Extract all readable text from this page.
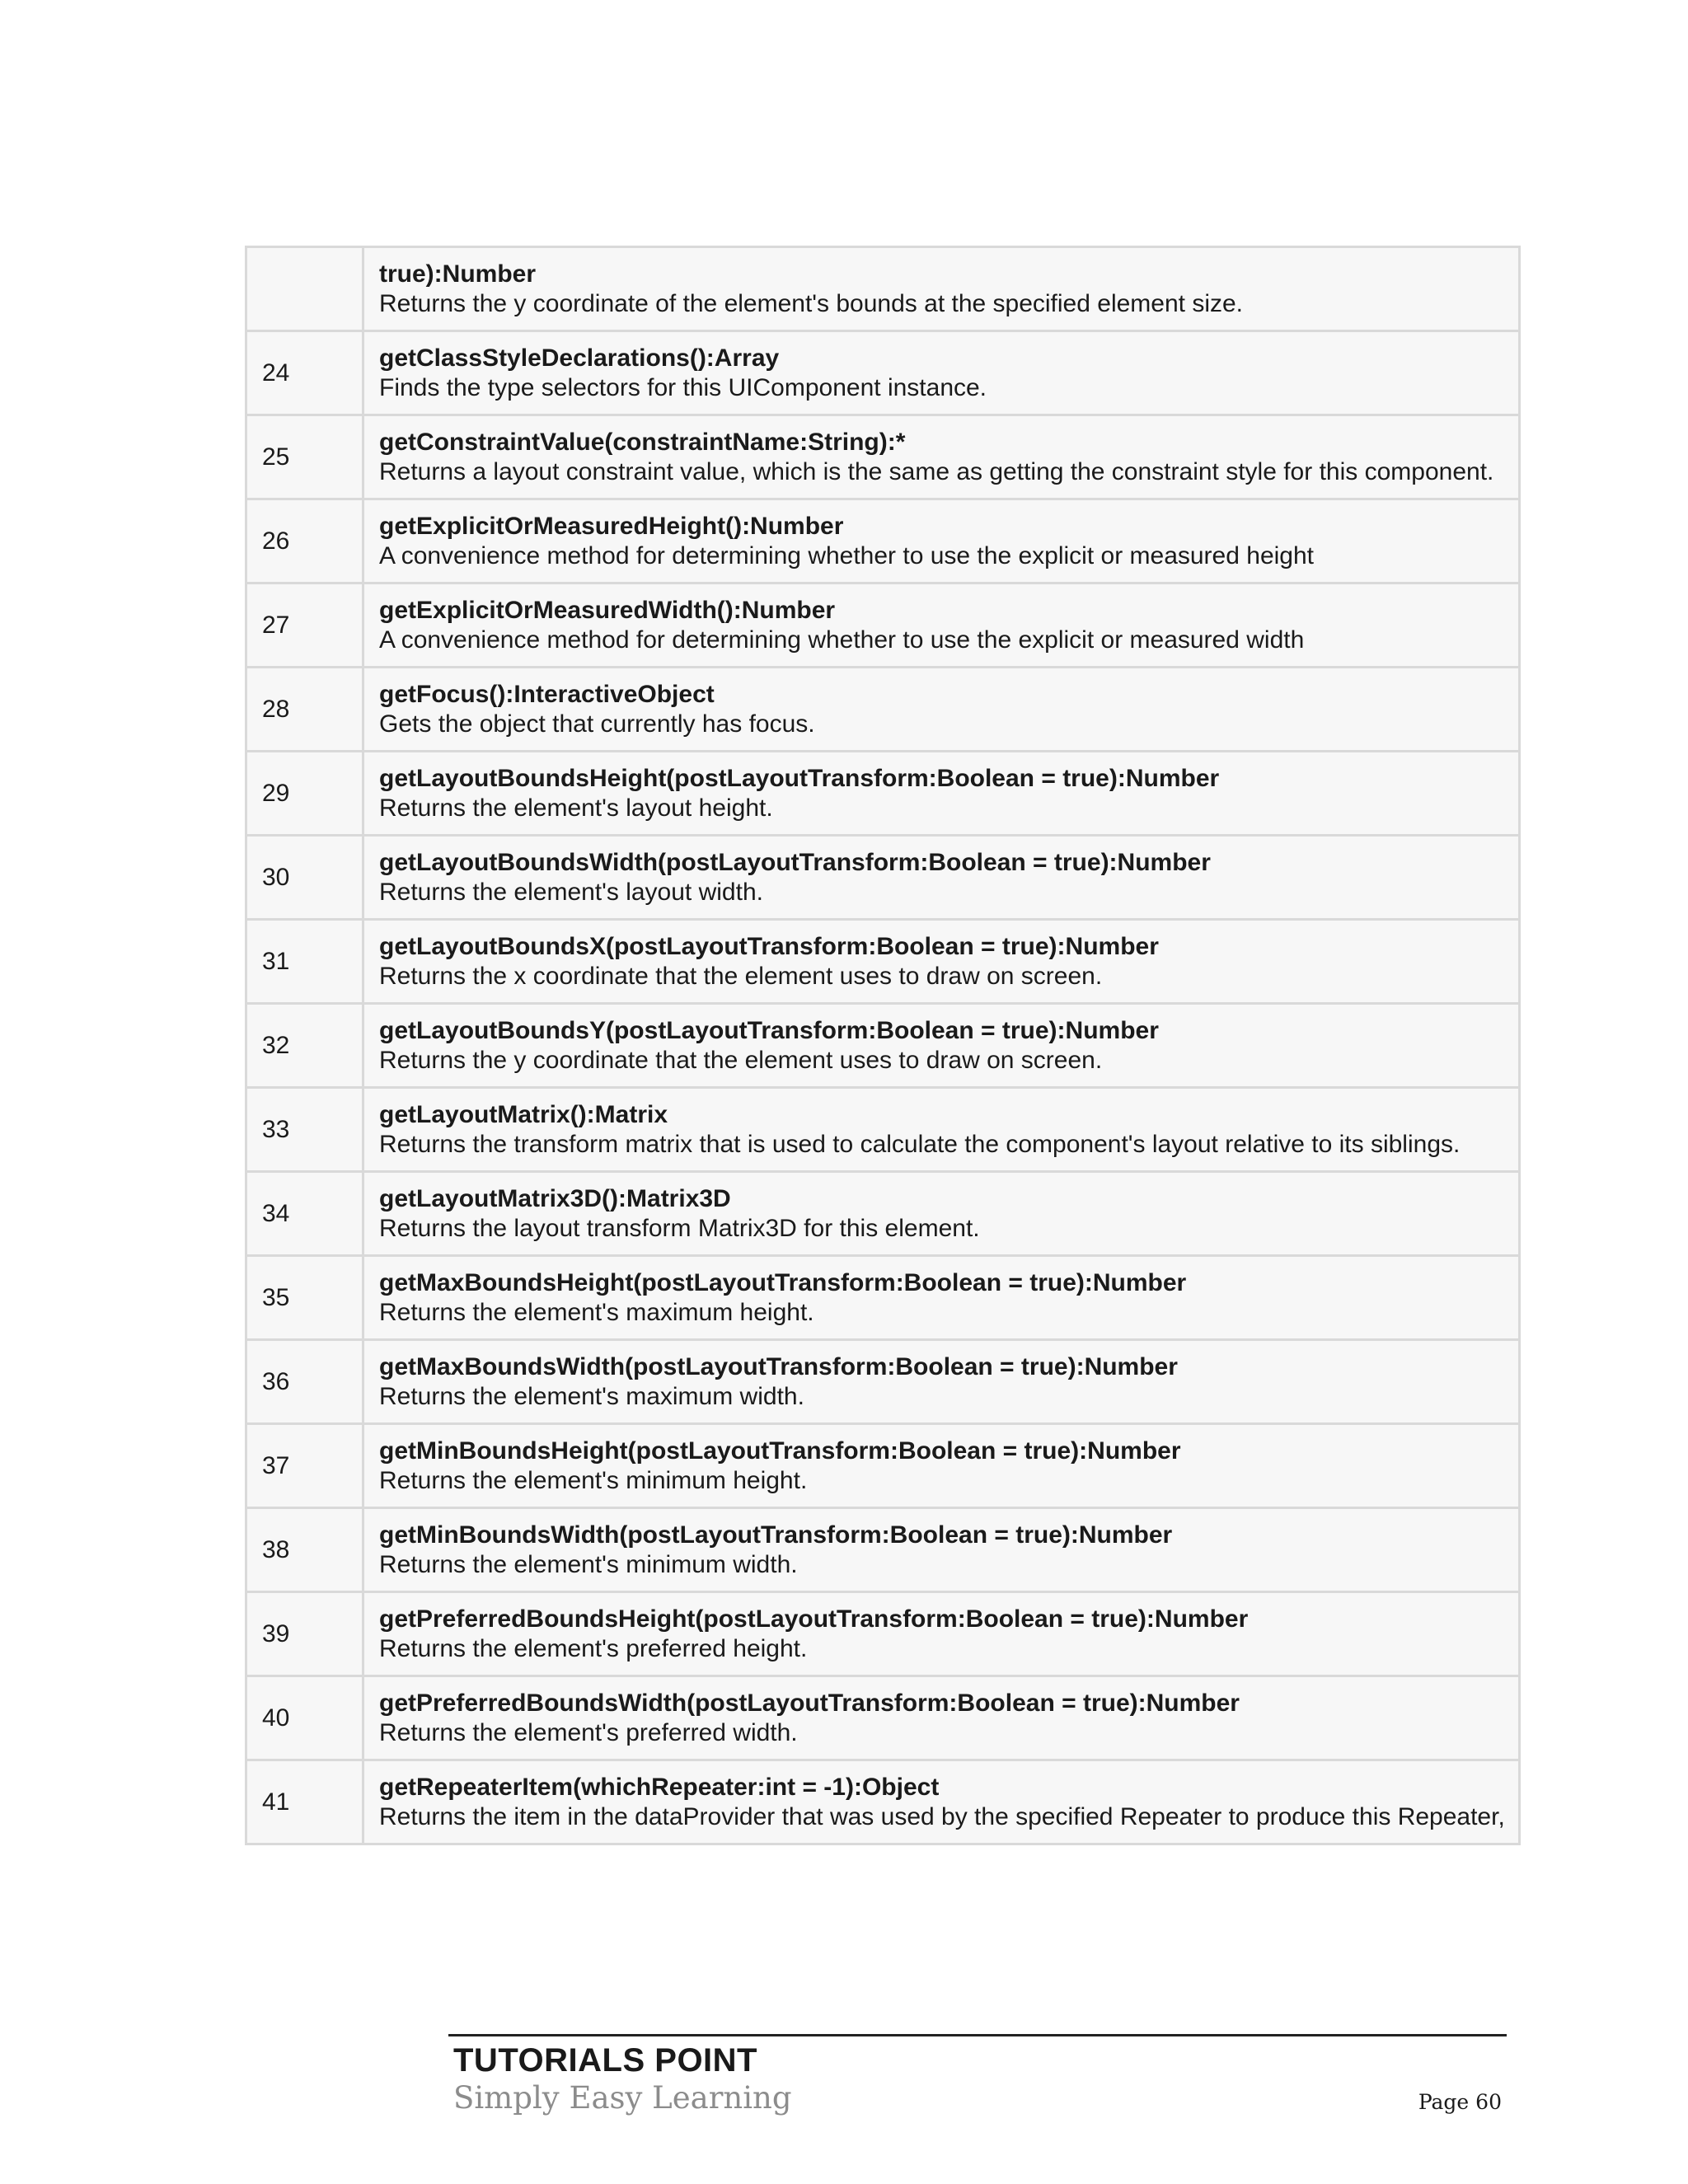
	true):Number
Returns the y coordinate of the element's bounds at the specified element size.

24	getClassStyleDeclarations():Array
Finds the type selectors for this UIComponent instance.

25	getConstraintValue(constraintName:String):*
Returns a layout constraint value, which is the same as getting the constraint style for this component.

26	getExplicitOrMeasuredHeight():Number
A convenience method for determining whether to use the explicit or measured height

27	getExplicitOrMeasuredWidth():Number
A convenience method for determining whether to use the explicit or measured width

28	getFocus():InteractiveObject
Gets the object that currently has focus.

29	getLayoutBoundsHeight(postLayoutTransform:Boolean = true):Number
Returns the element's layout height.

30	getLayoutBoundsWidth(postLayoutTransform:Boolean = true):Number
Returns the element's layout width.

31	getLayoutBoundsX(postLayoutTransform:Boolean = true):Number
Returns the x coordinate that the element uses to draw on screen.

32	getLayoutBoundsY(postLayoutTransform:Boolean = true):Number
Returns the y coordinate that the element uses to draw on screen.

33	getLayoutMatrix():Matrix
Returns the transform matrix that is used to calculate the component's layout relative to its siblings.

34	getLayoutMatrix3D():Matrix3D
Returns the layout transform Matrix3D for this element.

35	getMaxBoundsHeight(postLayoutTransform:Boolean = true):Number
Returns the element's maximum height.

36	getMaxBoundsWidth(postLayoutTransform:Boolean = true):Number
Returns the element's maximum width.

37	getMinBoundsHeight(postLayoutTransform:Boolean = true):Number
Returns the element's minimum height.

38	getMinBoundsWidth(postLayoutTransform:Boolean = true):Number
Returns the element's minimum width.

39	getPreferredBoundsHeight(postLayoutTransform:Boolean = true):Number
Returns the element's preferred height.

40	getPreferredBoundsWidth(postLayoutTransform:Boolean = true):Number
Returns the element's preferred width.

41	getRepeaterItem(whichRepeater:int = -1):Object
Returns the item in the dataProvider that was used by the specified Repeater to produce this Repeater,
TUTORIALS POINT
Simply Easy Learning	Page 60
